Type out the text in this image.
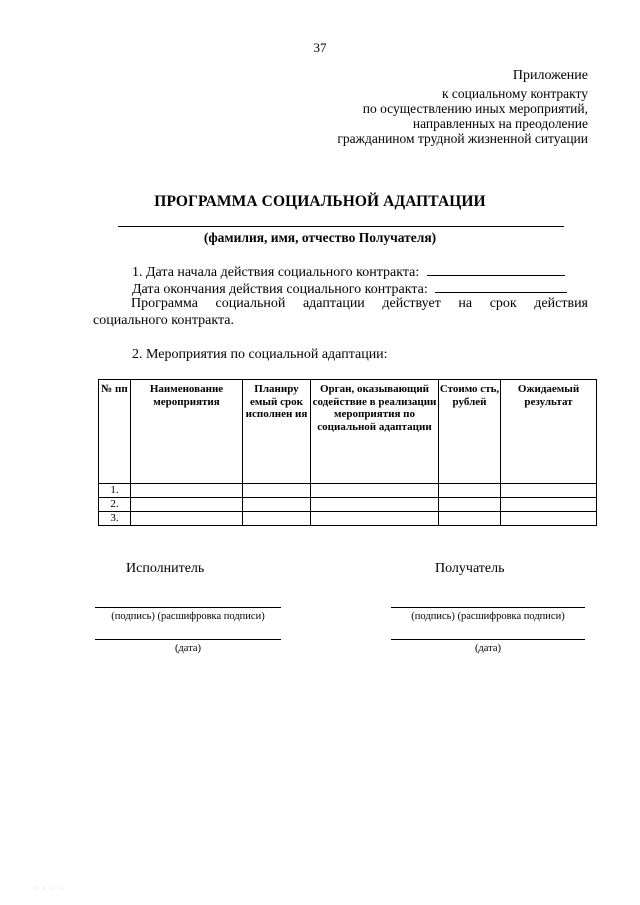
37
Приложение
к социальному контракту
по осуществлению иных мероприятий,
направленных на преодоление
гражданином трудной жизненной ситуации
ПРОГРАММА СОЦИАЛЬНОЙ АДАПТАЦИИ
(фамилия, имя, отчество Получателя)
1. Дата начала действия социального контракта:
Дата окончания действия социального контракта:
Программа социальной адаптации действует на срок действия
социального контракта.
2. Мероприятия по социальной адаптации:
№ пп	Наименование мероприятия	Планиру емый срок исполнен ия	Орган, оказывающий содействие в реализации мероприятия по социальной адаптации	Стоимо сть, рублей	Ожидаемый результат
1.					
2.					
3.					
Исполнитель
(подпись) (расшифровка подписи)
(дата)
Получатель
(подпись) (расшифровка подписи)
(дата)
· · · ·
